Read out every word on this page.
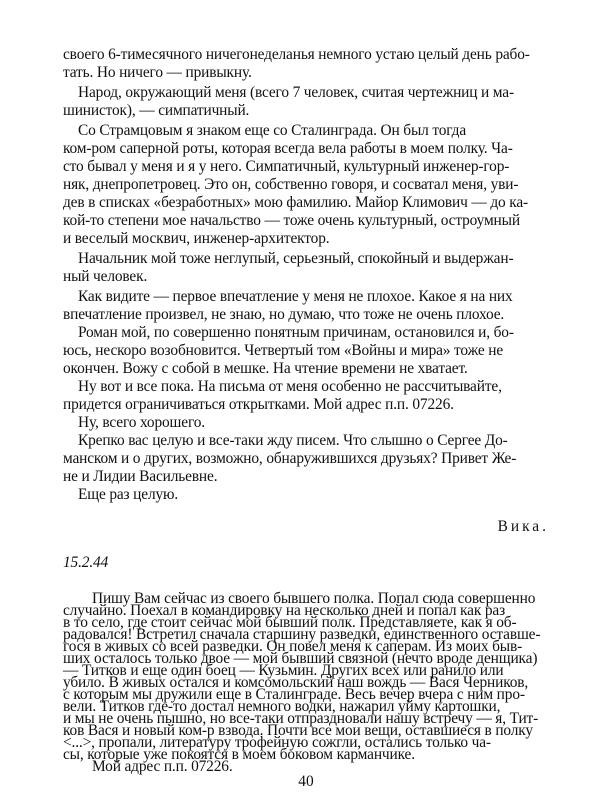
своего 6-тимесячного ничегонеделанья немного устаю целый день рабо-
тать. Но ничего — привыкну.
Народ, окружающий меня (всего 7 человек, считая чертежниц и ма-
шинисток), — симпатичный.
Со Страмцовым я знаком еще со Сталинграда. Он был тогда
ком-ром саперной роты, которая всегда вела работы в моем полку. Ча-
сто бывал у меня и я у него. Симпатичный, культурный инженер-гор-
няк, днепропетровец. Это он, собственно говоря, и сосватал меня, уви-
дев в списках «безработных» мою фамилию. Майор Климович — до ка-
кой-то степени мое начальство — тоже очень культурный, остроумный
и веселый москвич, инженер-архитектор.
Начальник мой тоже неглупый, серьезный, спокойный и выдержан-
ный человек.
Как видите — первое впечатление у меня не плохое. Какое я на них
впечатление произвел, не знаю, но думаю, что тоже не очень плохое.
Роман мой, по совершенно понятным причинам, остановился и, бо-
юсь, нескоро возобновится. Четвертый том «Войны и мира» тоже не
окончен. Вожу с собой в мешке. На чтение времени не хватает.
Ну вот и все пока. На письма от меня особенно не рассчитывайте,
придется ограничиваться открытками. Мой адрес п.п. 07226.
Ну, всего хорошего.
Крепко вас целую и все-таки жду писем. Что слышно о Сергее До-
манском и о других, возможно, обнаружившихся друзьях? Привет Же-
не и Лидии Васильевне.
Еще раз целую.
Вика.
15.2.44
Пишу Вам сейчас из своего бывшего полка. Попал сюда совершенно
случайно. Поехал в командировку на несколько дней и попал как раз
в то село, где стоит сейчас мой бывший полк. Представляете, как я об-
радовался! Встретил сначала старшину разведки, единственного оставше-
гося в живых со всей разведки. Он повел меня к саперам. Из моих быв-
ших осталось только двое — мой бывший связной (нечто вроде денщика)
— Титков и еще один боец — Кузьмин. Других всех или ранило или
убило. В живых остался и комсомольский наш вождь — Вася Черников,
с которым мы дружили еще в Сталинграде. Весь вечер вчера с ним про-
вели. Титков где-то достал немного водки, нажарил уйму картошки,
и мы не очень пышно, но все-таки отпраздновали нашу встречу — я, Тит-
ков Вася и новый ком-р взвода. Почти все мои вещи, оставшиеся в полку
<...>, пропали, литературу трофейную сожгли, остались только ча-
сы, которые уже покоятся в моем боковом карманчике.
Мой адрес п.п. 07226.
40
